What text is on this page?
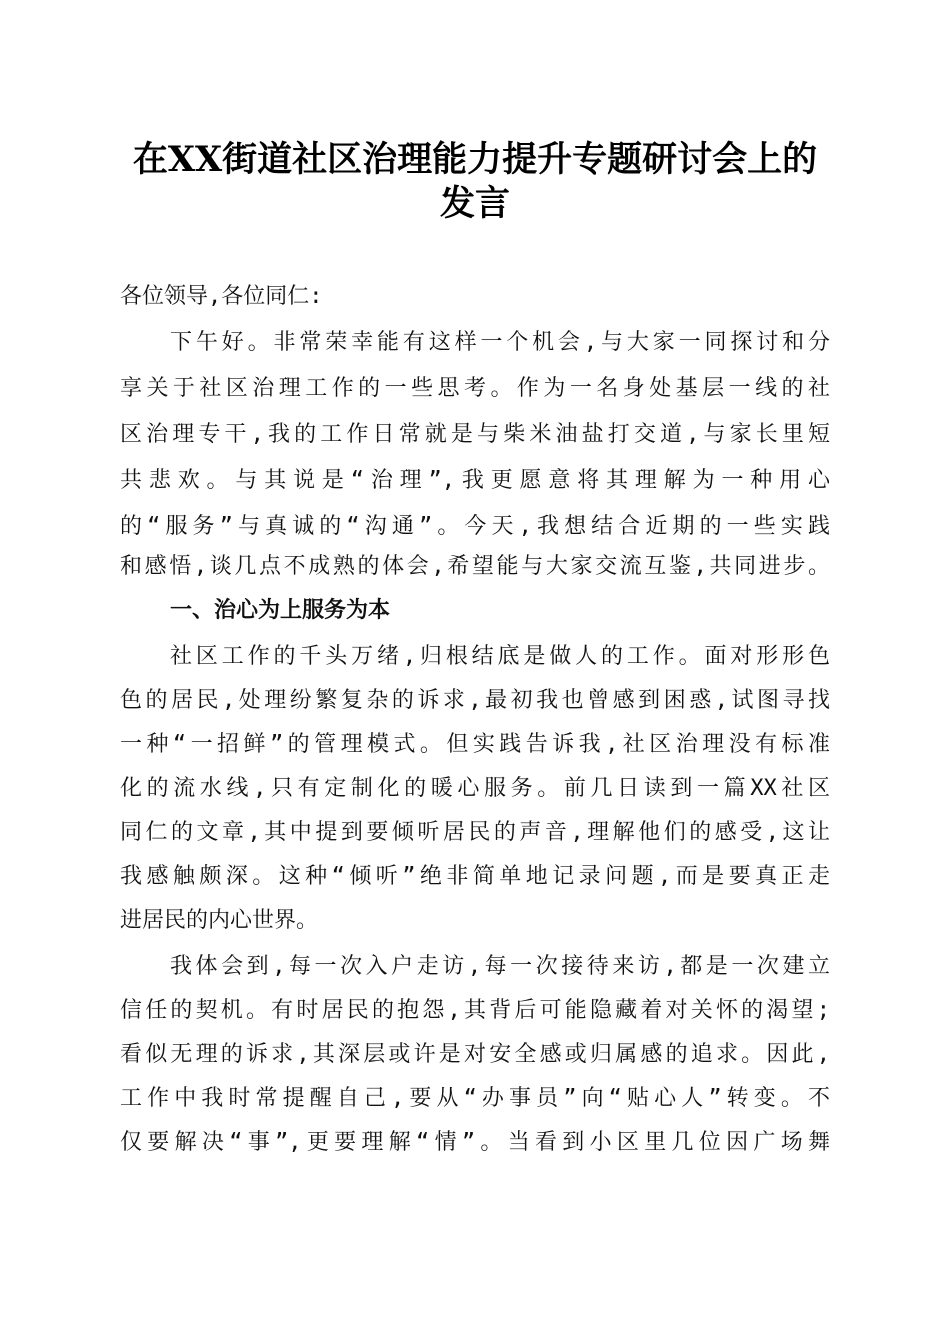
在XX街道社区治理能力提升专题研讨会上的
发言
各位领导,各位同仁:
下午好。非常荣幸能有这样一个机会,与大家一同探讨和分
享关于社区治理工作的一些思考。作为一名身处基层一线的社
区治理专干,我的工作日常就是与柴米油盐打交道,与家长里短
共悲欢。与其说是“治理”,我更愿意将其理解为一种用心
的“服务”与真诚的“沟通”。今天,我想结合近期的一些实践
和感悟,谈几点不成熟的体会,希望能与大家交流互鉴,共同进步。
一、治心为上服务为本
社区工作的千头万绪,归根结底是做人的工作。面对形形色
色的居民,处理纷繁复杂的诉求,最初我也曾感到困惑,试图寻找
一种“一招鲜”的管理模式。但实践告诉我,社区治理没有标准
化的流水线,只有定制化的暖心服务。前几日读到一篇XX社区
同仁的文章,其中提到要倾听居民的声音,理解他们的感受,这让
我感触颇深。这种“倾听”绝非简单地记录问题,而是要真正走
进居民的内心世界。
我体会到,每一次入户走访,每一次接待来访,都是一次建立
信任的契机。有时居民的抱怨,其背后可能隐藏着对关怀的渴望;
看似无理的诉求,其深层或许是对安全感或归属感的追求。因此,
工作中我时常提醒自己,要从“办事员”向“贴心人”转变。不
仅要解决“事”,更要理解“情”。当看到小区里几位因广场舞
